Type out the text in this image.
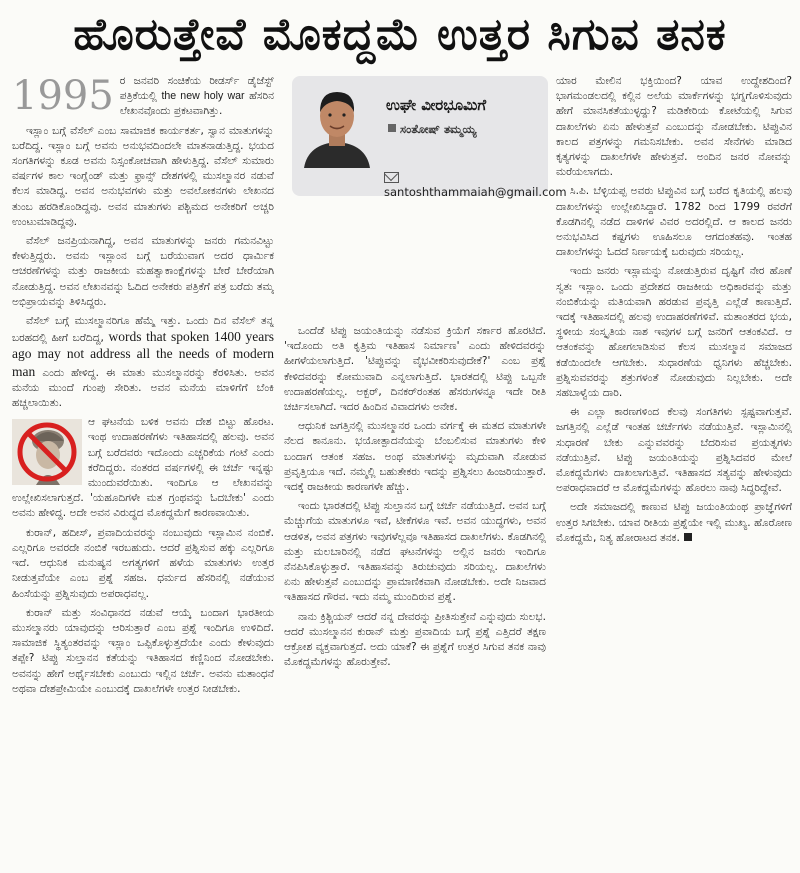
ಹೊರುತ್ತೇವೆ ಮೊಕದ್ದಮೆ ಉತ್ತರ ಸಿಗುವ ತನಕ

1995 ರ ಜನವರಿ ಸಂಚಿಕೆಯ ರೀಡರ್ಸ್ ಡೈಜೆಸ್ಟ್ ಪತ್ರಿಕೆಯಲ್ಲಿ the new holy war ಹೆಸರಿನ ಲೇಖನವೊಂದು ಪ್ರಕಟವಾಗಿತ್ತು.

ಇಸ್ಲಾಂ ಬಗ್ಗೆ ವೆಸೆಲ್ ಎಂಬ ಸಾಮಾಜಿಕ ಕಾರ್ಯಕರ್ತ, ಸ್ವಾನ ಮಾತುಗಳನ್ನು ಬರೆದಿದ್ದ. ಇಸ್ಲಾಂ ಬಗ್ಗೆ ಅವನು ಅನುಭವದಿಂದಲೇ ಮಾತನಾಡುತ್ತಿದ್ದ. ಭಯದ ಸಂಗತಿಗಳನ್ನು ಕೂಡ ಅವನು ನಿಸ್ಸಂಕೋಚವಾಗಿ ಹೇಳುತ್ತಿದ್ದ. ವೆಸೆಲ್ ಸುಮಾರು ವರ್ಷಗಳ ಕಾಲ ಇಂಗ್ಲೆಂಡ್ ಮತ್ತು ಫ್ರಾನ್ಸ್ ದೇಶಗಳಲ್ಲಿ ಮುಸಲ್ಮಾನರ ನಡುವೆ ಕೆಲಸ ಮಾಡಿದ್ದ. ಅವನ ಅನುಭವಗಳು ಮತ್ತು ಅವಲೋಕನಗಳು ಲೇಖನದ ತುಂಬ ಹರಡಿಕೊಂಡಿದ್ದವು. ಅವನ ಮಾತುಗಳು ಪಶ್ಚಿಮದ ಅನೇಕರಿಗೆ ಅಚ್ಚರಿ ಉಂಟುಮಾಡಿದ್ದವು.

ವೆಸೆಲ್ ಜನಪ್ರಿಯನಾಗಿದ್ದ, ಅವನ ಮಾತುಗಳನ್ನು ಜನರು ಗಮನವಿಟ್ಟು ಕೇಳುತ್ತಿದ್ದರು. ಅವನು ಇಸ್ಲಾಂನ ಬಗ್ಗೆ ಬರೆಯುವಾಗ ಅದರ ಧಾರ್ಮಿಕ ಆಚರಣೆಗಳನ್ನು ಮತ್ತು ರಾಜಕೀಯ ಮಹತ್ವಾಕಾಂಕ್ಷೆಗಳನ್ನು ಬೇರೆ ಬೇರೆಯಾಗಿ ನೋಡುತ್ತಿದ್ದ. ಅವನ ಲೇಖನವನ್ನು ಓದಿದ ಅನೇಕರು ಪತ್ರಿಕೆಗೆ ಪತ್ರ ಬರೆದು ತಮ್ಮ ಅಭಿಪ್ರಾಯವನ್ನು ತಿಳಿಸಿದ್ದರು.

ವೆಸೆಲ್ ಬಗ್ಗೆ ಮುಸಲ್ಮಾನರಿಗೂ ಹೆಮ್ಮೆ ಇತ್ತು. ಒಂದು ದಿನ ವೆಸೆಲ್ ತನ್ನ ಬರಹದಲ್ಲಿ ಹೀಗೆ ಬರೆದಿದ್ದ, words that spoken 1400 years ago may not address all the needs of modern man ಎಂದು ಹೇಳಿದ್ದ. ಈ ಮಾತು ಮುಸಲ್ಮಾನರನ್ನು ಕೆರಳಿಸಿತು. ಅವನ ಮನೆಯ ಮುಂದೆ ಗುಂಪು ಸೇರಿತು. ಅವನ ಮನೆಯ ಮಾಳಿಗೆಗೆ ಬೆಂಕಿ ಹಚ್ಚಲಾಯಿತು.

ಆ ಘಟನೆಯ ಬಳಿಕ ಅವನು ದೇಶ ಬಿಟ್ಟು ಹೊರಟ. ಇಂಥ ಉದಾಹರಣೆಗಳು ಇತಿಹಾಸದಲ್ಲಿ ಹಲವು. ಅವನ ಬಗ್ಗೆ ಬರೆದವರು ಇದೊಂದು ಎಚ್ಚರಿಕೆಯ ಗಂಟೆ ಎಂದು ಕರೆದಿದ್ದರು. ನಂತರದ ವರ್ಷಗಳಲ್ಲಿ ಈ ಚರ್ಚೆ ಇನ್ನಷ್ಟು ಮುಂದುವರೆಯಿತು. ಇಂದಿಗೂ ಆ ಲೇಖನವನ್ನು ಉಲ್ಲೇಖಿಸಲಾಗುತ್ತದೆ. 'ಯಹೂದಿಗಳೇ ಮತ ಗ್ರಂಥವನ್ನು ಓದಬೇಕು' ಎಂದು ಅವನು ಹೇಳಿದ್ದ. ಅದೇ ಅವನ ವಿರುದ್ಧದ ಮೊಕದ್ದಮೆಗೆ ಕಾರಣವಾಯಿತು.

ಕುರಾನ್, ಹದೀಸ್, ಪ್ರವಾದಿಯವರನ್ನು ನಂಬುವುದು ಇಸ್ಲಾಮಿನ ನಂಬಿಕೆ. ಎಲ್ಲರಿಗೂ ಅವರದೇ ನಂಬಿಕೆ ಇರಬಹುದು. ಆದರೆ ಪ್ರಶ್ನಿಸುವ ಹಕ್ಕು ಎಲ್ಲರಿಗೂ ಇದೆ. ಆಧುನಿಕ ಮನುಷ್ಯನ ಅಗತ್ಯಗಳಿಗೆ ಹಳೆಯ ಮಾತುಗಳು ಉತ್ತರ ನೀಡುತ್ತವೆಯೇ ಎಂಬ ಪ್ರಶ್ನೆ ಸಹಜ. ಧರ್ಮದ ಹೆಸರಿನಲ್ಲಿ ನಡೆಯುವ ಹಿಂಸೆಯನ್ನು ಪ್ರಶ್ನಿಸುವುದು ಅಪರಾಧವಲ್ಲ.

ಕುರಾನ್ ಮತ್ತು ಸಂವಿಧಾನದ ನಡುವೆ ಆಯ್ಕೆ ಬಂದಾಗ ಭಾರತೀಯ ಮುಸಲ್ಮಾನರು ಯಾವುದನ್ನು ಆರಿಸುತ್ತಾರೆ ಎಂಬ ಪ್ರಶ್ನೆ ಇಂದಿಗೂ ಉಳಿದಿದೆ. ಸಾಮಾಜಿಕ ಸ್ಥಿತ್ಯಂತರವನ್ನು ಇಸ್ಲಾಂ ಒಪ್ಪಿಕೊಳ್ಳುತ್ತದೆಯೇ ಎಂದು ಕೇಳುವುದು ತಪ್ಪೇ? ಟಿಪ್ಪು ಸುಲ್ತಾನನ ಕತೆಯನ್ನು ಇತಿಹಾಸದ ಕಣ್ಣಿನಿಂದ ನೋಡಬೇಕು. ಅವನನ್ನು ಹೇಗೆ ಅರ್ಥೈಸಬೇಕು ಎಂಬುದು ಇಲ್ಲಿನ ಚರ್ಚೆ. ಅವನು ಮತಾಂಧನೆ ಅಥವಾ ದೇಶಪ್ರೇಮಿಯೇ ಎಂಬುದಕ್ಕೆ ದಾಖಲೆಗಳೇ ಉತ್ತರ ನೀಡಬೇಕು.

ಉಘೇ ವೀರಭೂಮಿಗೆ
ಸಂತೋಷ್ ತಮ್ಮಯ್ಯ
santoshthammaiah@gmail.com

ಒಂದೆಡೆ ಟಿಪ್ಪು ಜಯಂತಿಯನ್ನು ನಡೆಸುವ ಕ್ರಿಯೆಗೆ ಸರ್ಕಾರ ಹೊರಟಿದೆ. 'ಇದೊಂದು ಅತಿ ಕೃತ್ರಿಮ ಇತಿಹಾಸ ನಿರ್ಮಾಣ' ಎಂದು ಹೇಳಿದವರನ್ನು ಹೀಗಳೆಯಲಾಗುತ್ತಿದೆ. 'ಟಿಪ್ಪುವನ್ನು ವೈಭವೀಕರಿಸುವುದೇಕೆ?' ಎಂಬ ಪ್ರಶ್ನೆ ಕೇಳಿದವರನ್ನು ಕೋಮುವಾದಿ ಎನ್ನಲಾಗುತ್ತಿದೆ. ಭಾರತದಲ್ಲಿ ಟಿಪ್ಪು ಒಬ್ಬನೇ ಉದಾಹರಣೆಯಲ್ಲ. ಅಕ್ಬರ್, ದಿನಕರ್‌ರಂತಹ ಹೆಸರುಗಳನ್ನೂ ಇದೇ ರೀತಿ ಚರ್ಚಿಸಲಾಗಿದೆ. ಇದರ ಹಿಂದಿನ ವಿವಾದಗಳು ಅನೇಕ.

ಆಧುನಿಕ ಜಗತ್ತಿನಲ್ಲಿ ಮುಸಲ್ಮಾನರ ಒಂದು ವರ್ಗಕ್ಕೆ ಈ ಮತದ ಮಾತುಗಳೇ ನೆಲದ ಕಾನೂನು. ಭಯೋತ್ಪಾದನೆಯನ್ನು ಬೆಂಬಲಿಸುವ ಮಾತುಗಳು ಕೇಳಿ ಬಂದಾಗ ಆತಂಕ ಸಹಜ. ಅಂಥ ಮಾತುಗಳನ್ನು ಮೃದುವಾಗಿ ನೋಡುವ ಪ್ರವೃತ್ತಿಯೂ ಇದೆ. ನಮ್ಮಲ್ಲಿ ಬಹುತೇಕರು ಇದನ್ನು ಪ್ರಶ್ನಿಸಲು ಹಿಂಜರಿಯುತ್ತಾರೆ. ಇದಕ್ಕೆ ರಾಜಕೀಯ ಕಾರಣಗಳೇ ಹೆಚ್ಚು.

ಇಂದು ಭಾರತದಲ್ಲಿ ಟಿಪ್ಪು ಸುಲ್ತಾನನ ಬಗ್ಗೆ ಚರ್ಚೆ ನಡೆಯುತ್ತಿದೆ. ಅವನ ಬಗ್ಗೆ ಮೆಚ್ಚುಗೆಯ ಮಾತುಗಳೂ ಇವೆ, ಟೀಕೆಗಳೂ ಇವೆ. ಅವನ ಯುದ್ಧಗಳು, ಅವನ ಆಡಳಿತ, ಅವನ ಪತ್ರಗಳು ಇವುಗಳೆಲ್ಲವೂ ಇತಿಹಾಸದ ದಾಖಲೆಗಳು. ಕೊಡಗಿನಲ್ಲಿ ಮತ್ತು ಮಲಬಾರಿನಲ್ಲಿ ನಡೆದ ಘಟನೆಗಳನ್ನು ಅಲ್ಲಿನ ಜನರು ಇಂದಿಗೂ ನೆನಪಿಸಿಕೊಳ್ಳುತ್ತಾರೆ. ಇತಿಹಾಸವನ್ನು ತಿರುಚುವುದು ಸರಿಯಲ್ಲ. ದಾಖಲೆಗಳು ಏನು ಹೇಳುತ್ತವೆ ಎಂಬುದನ್ನು ಪ್ರಾಮಾಣಿಕವಾಗಿ ನೋಡಬೇಕು. ಅದೇ ನಿಜವಾದ ಇತಿಹಾಸದ ಗೌರವ. ಇದು ನಮ್ಮ ಮುಂದಿರುವ ಪ್ರಶ್ನೆ.

ನಾನು ಕ್ರಿಶ್ಚಿಯನ್ ಆದರೆ ನನ್ನ ದೇವರನ್ನು ಪ್ರೀತಿಸುತ್ತೇನೆ ಎನ್ನುವುದು ಸುಲಭ. ಆದರೆ ಮುಸಲ್ಮಾನನ ಕುರಾನ್ ಮತ್ತು ಪ್ರವಾದಿಯ ಬಗ್ಗೆ ಪ್ರಶ್ನೆ ಎತ್ತಿದರೆ ತಕ್ಷಣ ಆಕ್ರೋಶ ವ್ಯಕ್ತವಾಗುತ್ತದೆ. ಅದು ಯಾಕೆ? ಈ ಪ್ರಶ್ನೆಗೆ ಉತ್ತರ ಸಿಗುವ ತನಕ ನಾವು ಮೊಕದ್ದಮೆಗಳನ್ನು ಹೊರುತ್ತೇವೆ.

ಯಾರ ಮೇಲಿನ ಭಕ್ತಿಯಿಂದ? ಯಾವ ಉದ್ದೇಶದಿಂದ? ಭಾಗಮಂಡಲದಲ್ಲಿ ಕಲ್ಲಿನ ಅಲೆಯ ಮಾರ್ಕೆಗಳನ್ನು ಭಗ್ನಗೊಳಿಸುವುದು ಹೇಗೆ ಮಾನಸಿಕತೆಯುಳ್ಳದ್ದು? ಮಡಿಕೇರಿಯ ಕೋಟೆಯಲ್ಲಿ ಸಿಗುವ ದಾಖಲೆಗಳು ಏನು ಹೇಳುತ್ತವೆ ಎಂಬುದನ್ನು ನೋಡಬೇಕು. ಟಿಪ್ಪುವಿನ ಕಾಲದ ಪತ್ರಗಳನ್ನು ಗಮನಿಸಬೇಕು. ಅವನ ಸೇನೆಗಳು ಮಾಡಿದ ಕೃತ್ಯಗಳನ್ನು ದಾಖಲೆಗಳೇ ಹೇಳುತ್ತವೆ. ಅಂದಿನ ಜನರ ನೋವನ್ನು ಮರೆಯಲಾಗದು.

ಸಿ.ಪಿ. ಬೆಳ್ಳಿಯಪ್ಪ ಅವರು ಟಿಪ್ಪುವಿನ ಬಗ್ಗೆ ಬರೆದ ಕೃತಿಯಲ್ಲಿ ಹಲವು ದಾಖಲೆಗಳನ್ನು ಉಲ್ಲೇಖಿಸಿದ್ದಾರೆ. 1782 ರಿಂದ 1799 ರವರೆಗೆ ಕೊಡಗಿನಲ್ಲಿ ನಡೆದ ದಾಳಿಗಳ ವಿವರ ಅದರಲ್ಲಿದೆ. ಆ ಕಾಲದ ಜನರು ಅನುಭವಿಸಿದ ಕಷ್ಟಗಳು ಊಹಿಸಲೂ ಆಗದಂತಹವು. ಇಂತಹ ದಾಖಲೆಗಳನ್ನು ಓದದೆ ನಿರ್ಣಯಕ್ಕೆ ಬರುವುದು ಸರಿಯಲ್ಲ.

ಇಂದು ಜನರು ಇಸ್ಲಾಮನ್ನು ನೋಡುತ್ತಿರುವ ದೃಷ್ಟಿಗೆ ನೇರ ಹೊಣೆ ಸ್ವತಃ ಇಸ್ಲಾಂ. ಒಂದು ಪ್ರದೇಶದ ರಾಜಕೀಯ ಅಧಿಕಾರವನ್ನು ಮತ್ತು ನಂಬಿಕೆಯನ್ನು ಮತಿಯವಾಗಿ ಹರಡುವ ಪ್ರವೃತ್ತಿ ಎಲ್ಲೆಡೆ ಕಾಣುತ್ತಿದೆ. ಇದಕ್ಕೆ ಇತಿಹಾಸದಲ್ಲಿ ಹಲವು ಉದಾಹರಣೆಗಳಿವೆ. ಮತಾಂತರದ ಭಯ, ಸ್ಥಳೀಯ ಸಂಸ್ಕೃತಿಯ ನಾಶ ಇವುಗಳ ಬಗ್ಗೆ ಜನರಿಗೆ ಆತಂಕವಿದೆ. ಆ ಆತಂಕವನ್ನು ಹೋಗಲಾಡಿಸುವ ಕೆಲಸ ಮುಸಲ್ಮಾನ ಸಮಾಜದ ಕಡೆಯಿಂದಲೇ ಆಗಬೇಕು. ಸುಧಾರಣೆಯ ಧ್ವನಿಗಳು ಹೆಚ್ಚಬೇಕು. ಪ್ರಶ್ನಿಸುವವರನ್ನು ಶತ್ರುಗಳಂತೆ ನೋಡುವುದು ನಿಲ್ಲಬೇಕು. ಅದೇ ಸಹಬಾಳ್ವೆಯ ದಾರಿ.

ಈ ಎಲ್ಲಾ ಕಾರಣಗಳಿಂದ ಕೆಲವು ಸಂಗತಿಗಳು ಸ್ಪಷ್ಟವಾಗುತ್ತವೆ. ಜಗತ್ತಿನಲ್ಲಿ ಎಲ್ಲೆಡೆ ಇಂತಹ ಚರ್ಚೆಗಳು ನಡೆಯುತ್ತಿವೆ. ಇಸ್ಲಾಮಿನಲ್ಲಿ ಸುಧಾರಣೆ ಬೇಕು ಎನ್ನುವವರನ್ನು ಬೆದರಿಸುವ ಪ್ರಯತ್ನಗಳು ನಡೆಯುತ್ತಿವೆ. ಟಿಪ್ಪು ಜಯಂತಿಯನ್ನು ಪ್ರಶ್ನಿಸಿದವರ ಮೇಲೆ ಮೊಕದ್ದಮೆಗಳು ದಾಖಲಾಗುತ್ತಿವೆ. ಇತಿಹಾಸದ ಸತ್ಯವನ್ನು ಹೇಳುವುದು ಅಪರಾಧವಾದರೆ ಆ ಮೊಕದ್ದಮೆಗಳನ್ನು ಹೊರಲು ನಾವು ಸಿದ್ಧರಿದ್ದೇವೆ.

ಅದೇ ಸಮಾಜದಲ್ಲಿ ಕಾಣುವ ಟಿಪ್ಪು ಜಯಂತಿಯಂಥ ಪ್ರಾಜ್ಞೆಗಳಿಗೆ ಉತ್ತರ ಸಿಗಬೇಕು. ಯಾವ ರೀತಿಯ ಪ್ರಶ್ನೆಯೇ ಇಲ್ಲಿ ಮುಖ್ಯ. ಹೊರೋಣ ಮೊಕದ್ದಮೆ, ನಿತ್ಯ ಹೋರಾಟದ ತನಕ.
